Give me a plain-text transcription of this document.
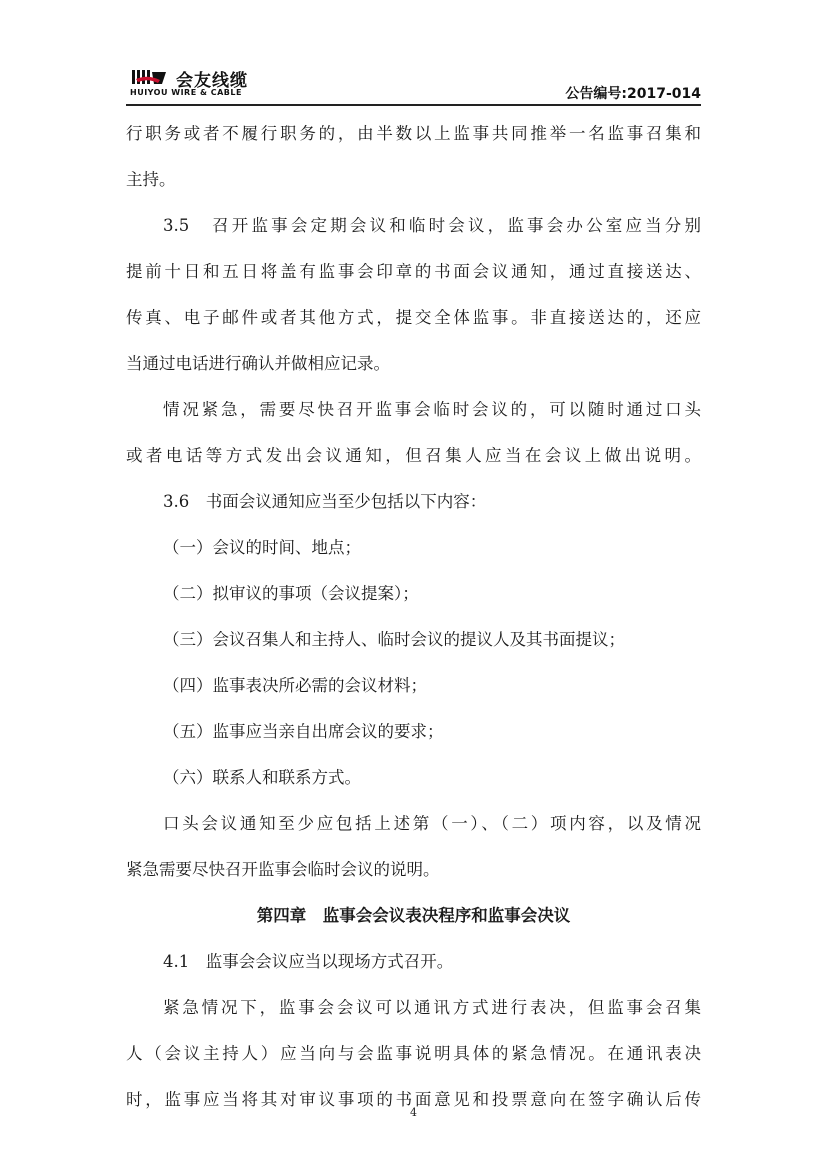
会友线缆
HUIYOU WIRE & CABLE	公告编号:2017-014
行职务或者不履行职务的，由半数以上监事共同推举一名监事召集和
主持。
3.5　召开监事会定期会议和临时会议，监事会办公室应当分别
提前十日和五日将盖有监事会印章的书面会议通知，通过直接送达、
传真、电子邮件或者其他方式，提交全体监事。非直接送达的，还应
当通过电话进行确认并做相应记录。
情况紧急，需要尽快召开监事会临时会议的，可以随时通过口头
或者电话等方式发出会议通知，但召集人应当在会议上做出说明。
3.6　书面会议通知应当至少包括以下内容：
（一）会议的时间、地点；
（二）拟审议的事项（会议提案）；
（三）会议召集人和主持人、临时会议的提议人及其书面提议；
（四）监事表决所必需的会议材料；
（五）监事应当亲自出席会议的要求；
（六）联系人和联系方式。
口头会议通知至少应包括上述第（一）、（二）项内容，以及情况
紧急需要尽快召开监事会临时会议的说明。
第四章　监事会会议表决程序和监事会决议
4.1　监事会会议应当以现场方式召开。
紧急情况下，监事会会议可以通讯方式进行表决，但监事会召集
人（会议主持人）应当向与会监事说明具体的紧急情况。在通讯表决
时，监事应当将其对审议事项的书面意见和投票意向在签字确认后传
4
